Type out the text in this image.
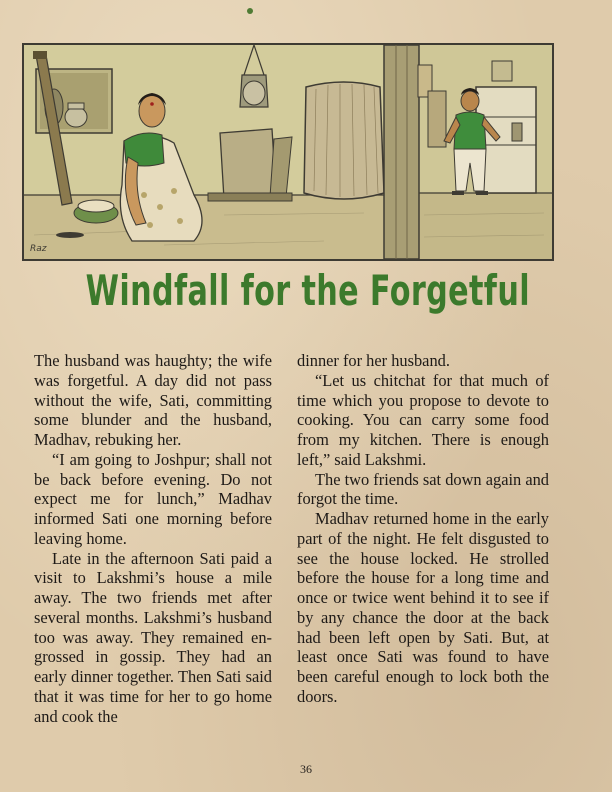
Raz
Windfall for the Forgetful

The husband was haughty; the wife was forgetful. A day did not pass without the wife, Sati, committing some blunder and the husband, Madhav, rebuking her.

“I am going to Joshpur; shall not be back before evening. Do not expect me for lunch,” Madhav informed Sati one morning before leaving home.

Late in the afternoon Sati paid a visit to Lakshmi’s house a mile away. The two friends met after several months. Lakshmi’s husband too was away. They remained engrossed in gossip. They had an early dinner together. Then Sati said that it was time for her to go home and cook the

dinner for her husband.

“Let us chitchat for that much of time which you propose to devote to cooking. You can carry some food from my kitchen. There is enough left,” said Lakshmi.

The two friends sat down again and forgot the time.

Madhav returned home in the early part of the night. He felt disgusted to see the house locked. He strolled before the house for a long time and once or twice went behind it to see if by any chance the door at the back had been left open by Sati. But, at least once Sati was found to have been careful enough to lock both the doors.

36
